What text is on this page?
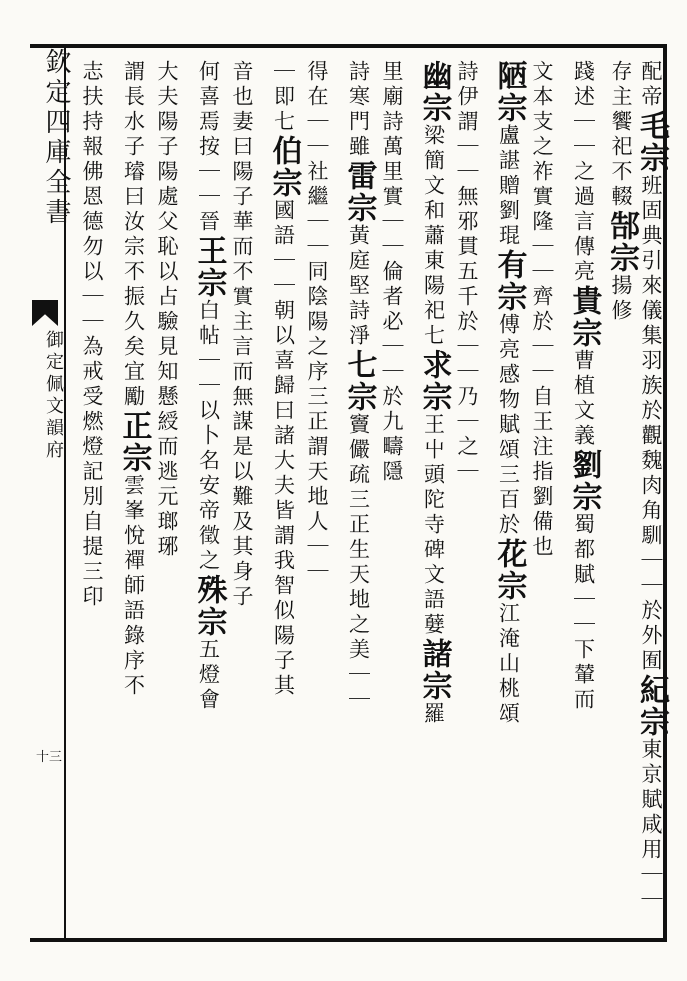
欽定四庫全書
御定佩文韻府
十三
配帝毛宗班固典引來儀集羽族於觀魏肉角馴｜｜於外囿紀宗東京賦咸用｜｜存主饗祀不輟郜宗揚修
踐述｜｜之過言傳亮貴宗曹植文義劉宗蜀都賦｜｜下輦而
文本支之祚實隆｜｜齊於｜｜自王注指劉備也
陋宗盧諶贈劉琨有宗傅亮感物賦頌三百於花宗江淹山桃頌
詩伊謂｜｜無邪貫五千於｜｜乃｜之｜
幽宗梁簡文和蕭東陽祀七求宗王屮頭陀寺碑文語㜸諸宗羅
里廟詩萬里實｜｜倫者必｜｜於九疇隱
詩寒門雖雷宗黃庭堅詩淨七宗竇儼疏三正生天地之美｜｜
得在｜｜社繼｜｜同陰陽之序三正謂天地人｜｜
｜即七伯宗國語｜｜朝以喜歸曰諸大夫皆謂我智似陽子其
音也妻曰陽子華而不實主言而無謀是以難及其身子
何喜焉按｜｜晉王宗白帖｜｜以卜名安帝徵之殊宗五燈會
大夫陽子陽處父恥以占驗見知懸綬而逃元瑯琊
謂長水子璿曰汝宗不振久矣宜勵正宗雲峯悅禪師語錄序不
志扶持報佛恩德勿以｜｜為戒受燃燈記別自提三印
